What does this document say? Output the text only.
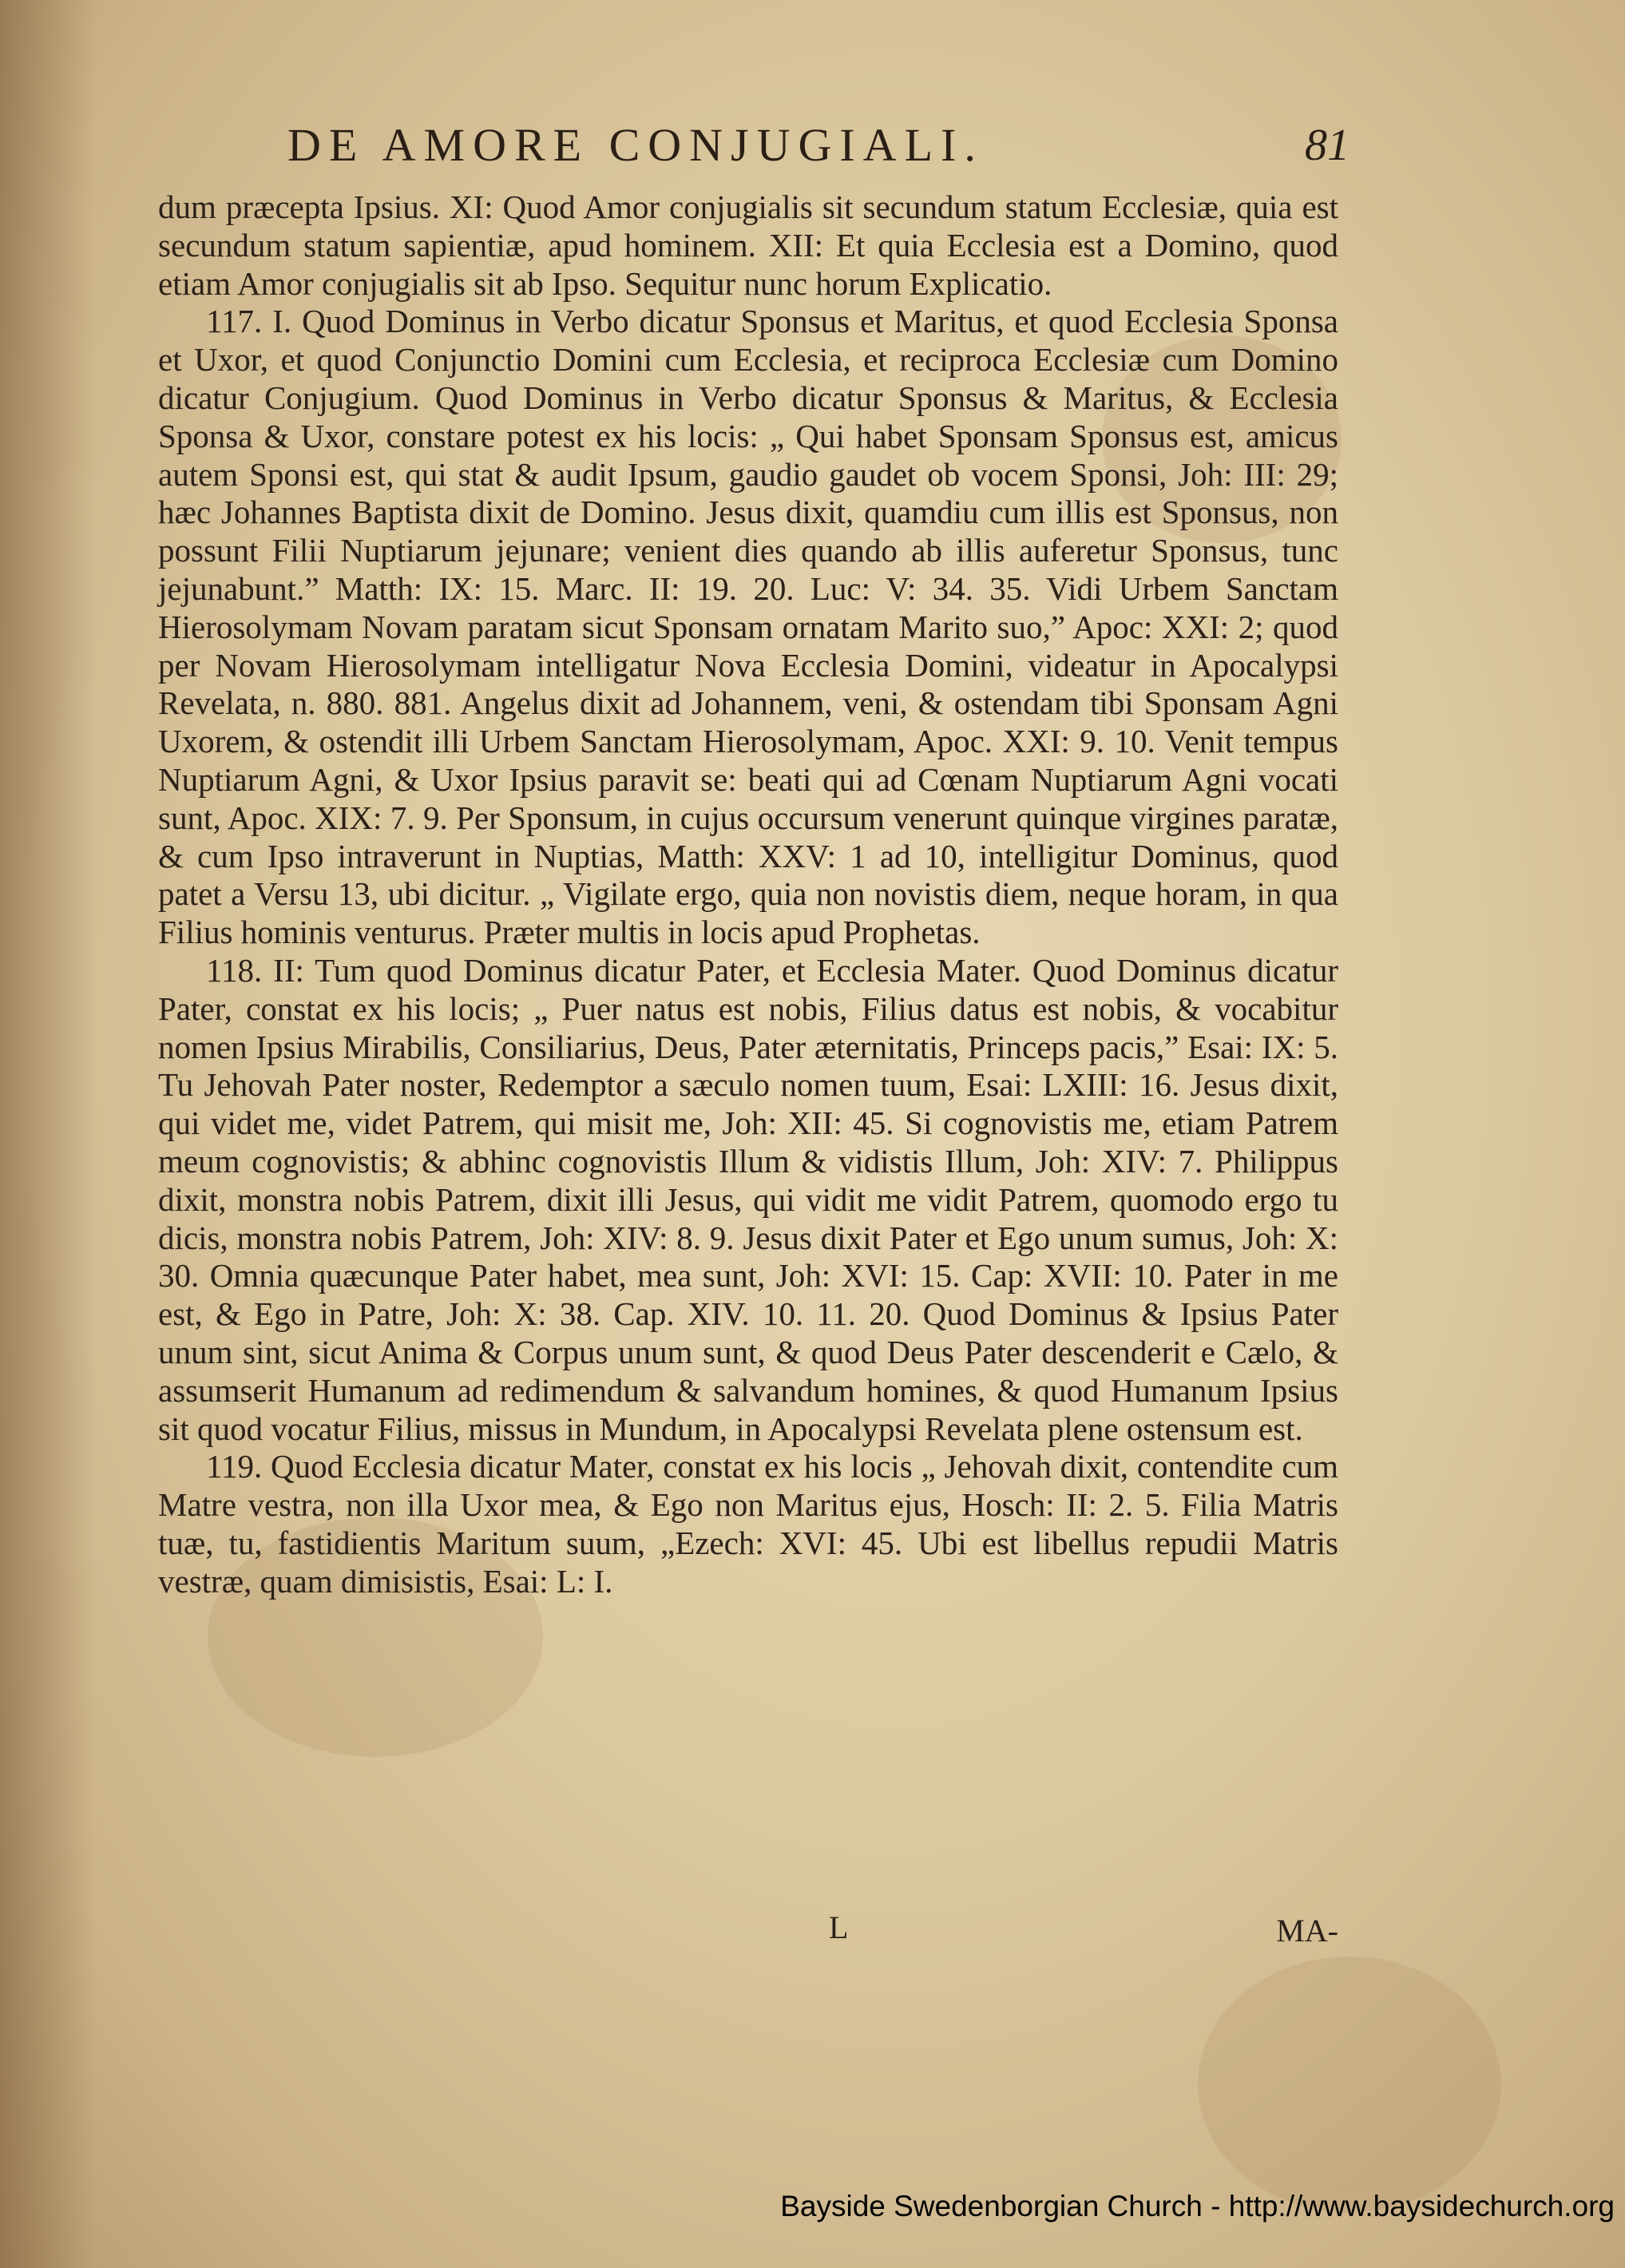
DE AMORE CONJUGIALI.	81

dum præcepta Ipsius. XI: Quod Amor conjugialis sit secundum statum Ecclesiæ, quia est secundum statum sapientiæ, apud hominem. XII: Et quia Ecclesia est a Domino, quod etiam Amor conjugialis sit ab Ipso. Sequitur nunc horum Explicatio.

117. I. Quod Dominus in Verbo dicatur Sponsus et Maritus, et quod Ecclesia Sponsa et Uxor, et quod Conjunctio Domini cum Ecclesia, et reciproca Ecclesiæ cum Domino dicatur Conjugium. Quod Dominus in Verbo dicatur Sponsus & Maritus, & Ecclesia Sponsa & Uxor, constare potest ex his locis: „ Qui habet Sponsam Sponsus est, amicus autem Sponsi est, qui stat & audit Ipsum, gaudio gaudet ob vocem Sponsi, Joh: III: 29; hæc Johannes Baptista dixit de Domino. Jesus dixit, quamdiu cum illis est Sponsus, non possunt Filii Nuptiarum jejunare; venient dies quando ab illis auferetur Sponsus, tunc jejunabunt.” Matth: IX: 15. Marc. II: 19. 20. Luc: V: 34. 35. Vidi Urbem Sanctam Hierosolymam Novam paratam sicut Sponsam ornatam Marito suo,” Apoc: XXI: 2; quod per Novam Hierosolymam intelligatur Nova Ecclesia Domini, videatur in Apocalypsi Revelata, n. 880. 881. Angelus dixit ad Johannem, veni, & ostendam tibi Sponsam Agni Uxorem, & ostendit illi Urbem Sanctam Hierosolymam, Apoc. XXI: 9. 10. Venit tempus Nuptiarum Agni, & Uxor Ipsius paravit se: beati qui ad Cœnam Nuptiarum Agni vocati sunt, Apoc. XIX: 7. 9. Per Sponsum, in cujus occursum venerunt quinque virgines paratæ, & cum Ipso intraverunt in Nuptias, Matth: XXV: 1 ad 10, intelligitur Dominus, quod patet a Versu 13, ubi dicitur. „ Vigilate ergo, quia non novistis diem, neque horam, in qua Filius hominis venturus. Præter multis in locis apud Prophetas.

118. II: Tum quod Dominus dicatur Pater, et Ecclesia Mater. Quod Dominus dicatur Pater, constat ex his locis; „ Puer natus est nobis, Filius datus est nobis, & vocabitur nomen Ipsius Mirabilis, Consiliarius, Deus, Pater æternitatis, Princeps pacis,” Esai: IX: 5. Tu Jehovah Pater noster, Redemptor a sæculo nomen tuum, Esai: LXIII: 16. Jesus dixit, qui videt me, videt Patrem, qui misit me, Joh: XII: 45. Si cognovistis me, etiam Patrem meum cognovistis; & abhinc cognovistis Illum & vidistis Illum, Joh: XIV: 7. Philippus dixit, monstra nobis Patrem, dixit illi Jesus, qui vidit me vidit Patrem, quomodo ergo tu dicis, monstra nobis Patrem, Joh: XIV: 8. 9. Jesus dixit Pater et Ego unum sumus, Joh: X: 30. Omnia quæcunque Pater habet, mea sunt, Joh: XVI: 15. Cap: XVII: 10. Pater in me est, & Ego in Patre, Joh: X: 38. Cap. XIV. 10. 11. 20. Quod Dominus & Ipsius Pater unum sint, sicut Anima & Corpus unum sunt, & quod Deus Pater descenderit e Cælo, & assumserit Humanum ad redimendum & salvandum homines, & quod Humanum Ipsius sit quod vocatur Filius, missus in Mundum, in Apocalypsi Revelata plene ostensum est.

119. Quod Ecclesia dicatur Mater, constat ex his locis „ Jehovah dixit, contendite cum Matre vestra, non illa Uxor mea, & Ego non Maritus ejus, Hosch: II: 2. 5. Filia Matris tuæ, tu, fastidientis Maritum suum, „Ezech: XVI: 45. Ubi est libellus repudii Matris vestræ, quam dimisistis, Esai: L: I.

L	MA-
Bayside Swedenborgian Church - http://www.baysidechurch.org
